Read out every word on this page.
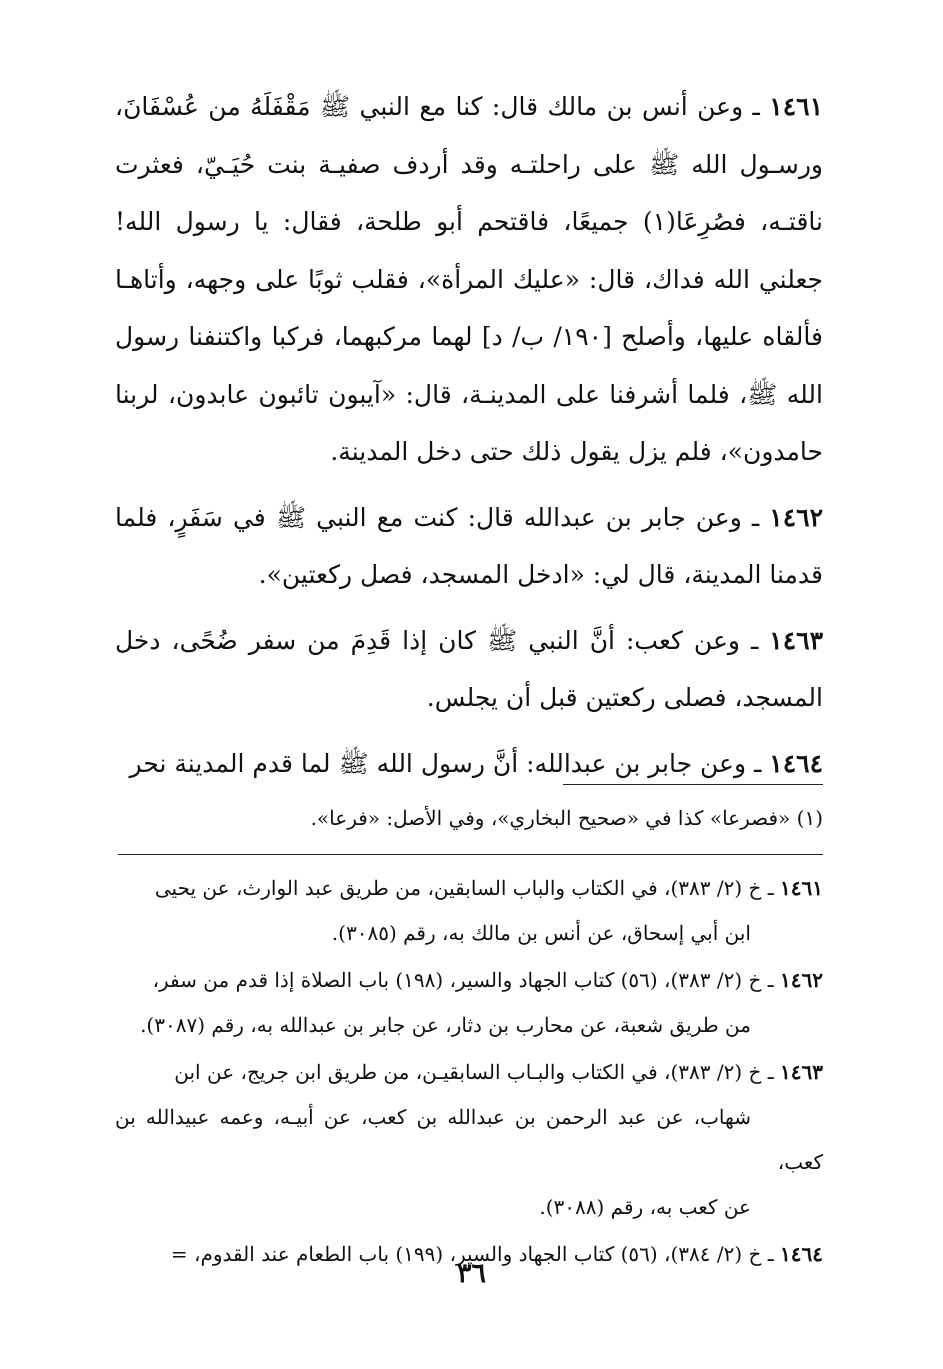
١٤٦١ ـ وعن أنس بن مالك قال: كنا مع النبي ﷺ مَقْفَلَهُ من عُسْفَانَ، ورسـول الله ﷺ على راحلتـه وقد أردف صفيـة بنت حُيَـيّ، فعثرت ناقتـه، فصُرِعَا(١) جميعًا، فاقتحم أبو طلحة، فقال: يا رسول الله! جعلني الله فداك، قال: «عليك المرأة»، فقلب ثوبًا على وجهه، وأتاهـا فألقاه عليها، وأصلح [١٩٠/ ب/ د] لهما مركبهما، فركبا واكتنفنا رسول الله ﷺ، فلما أشرفنا على المدينـة، قال: «آيبون تائبون عابدون، لربنا حامدون»، فلم يزل يقول ذلك حتى دخل المدينة.

١٤٦٢ ـ وعن جابر بن عبدالله قال: كنت مع النبي ﷺ في سَفَرٍ، فلما قدمنا المدينة، قال لي: «ادخل المسجد، فصل ركعتين».

١٤٦٣ ـ وعن كعب: أنَّ النبي ﷺ كان إذا قَدِمَ من سفر ضُحًى، دخل المسجد، فصلى ركعتين قبل أن يجلس.

١٤٦٤ ـ وعن جابر بن عبدالله: أنَّ رسول الله ﷺ لما قدم المدينة نحر

(١) «فصرعا» كذا في «صحيح البخاري»، وفي الأصل: «فرعا».

١٤٦١ ـ خ (٢/ ٣٨٣)، في الكتاب والباب السابقين، من طريق عبد الوارث، عن يحيى
ابن أبي إسحاق، عن أنس بن مالك به، رقم (٣٠٨٥).

١٤٦٢ ـ خ (٢/ ٣٨٣)، (٥٦) كتاب الجهاد والسير، (١٩٨) باب الصلاة إذا قدم من سفر،
من طريق شعبة، عن محارب بن دثار، عن جابر بن عبدالله به، رقم (٣٠٨٧).

١٤٦٣ ـ خ (٢/ ٣٨٣)، في الكتاب والبـاب السابقيـن، من طريق ابن جريج، عن ابن
شهاب، عن عبد الرحمن بن عبدالله بن كعب، عن أبيـه، وعمه عبيدالله بن كعب،
عن كعب به، رقم (٣٠٨٨).

١٤٦٤ ـ خ (٢/ ٣٨٤)، (٥٦) كتاب الجهاد والسير، (١٩٩) باب الطعام عند القدوم، =

٣٦
